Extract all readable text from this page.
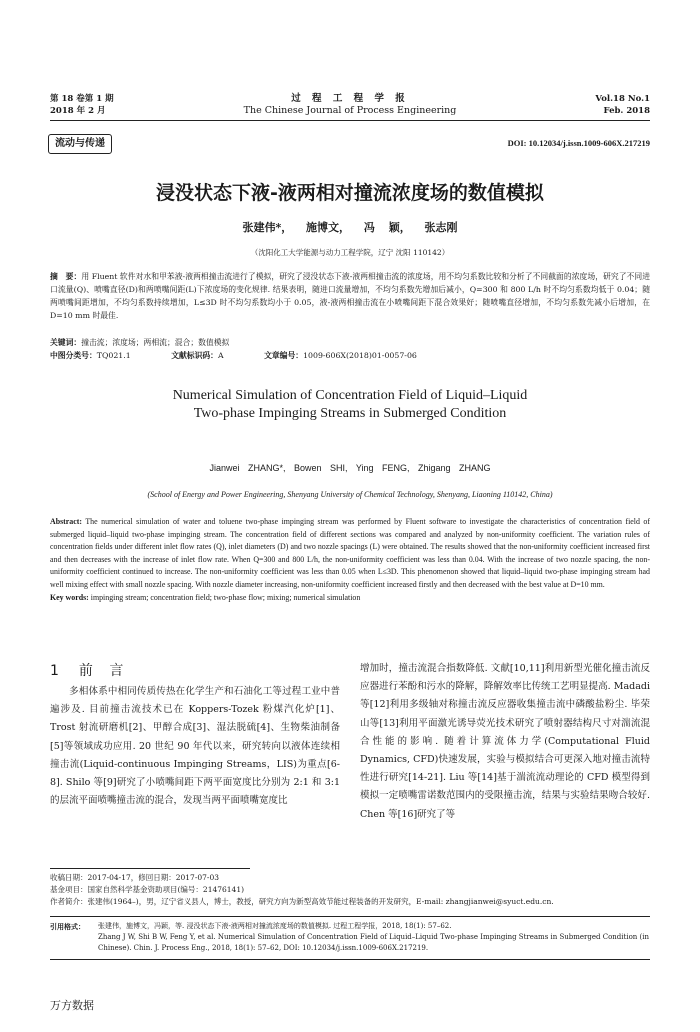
第 18 卷第 1 期
2018 年 2 月
过 程 工 程 学 报
The Chinese Journal of Process Engineering
Vol.18 No.1
Feb. 2018
流动与传递	DOI: 10.12034/j.issn.1009-606X.217219
浸没状态下液-液两相对撞流浓度场的数值模拟
张建伟*， 施博文， 冯 颖， 张志刚
（沈阳化工大学能源与动力工程学院，辽宁 沈阳 110142）
摘　要：用 Fluent 软件对水和甲苯液-液两相撞击流进行了模拟，研究了浸没状态下液-液两相撞击流的浓度场，用不均匀系数比较和分析了不同截面的浓度场，研究了不同进口流量(Q)、喷嘴直径(D)和两喷嘴间距(L)下浓度场的变化规律. 结果表明，随进口流量增加，不均匀系数先增加后减小，Q=300 和 800 L/h 时不均匀系数均低于 0.04；随两喷嘴间距增加，不均匀系数持续增加，L≤3D 时不均匀系数均小于 0.05，液-液两相撞击流在小喷嘴间距下混合效果好；随喷嘴直径增加，不均匀系数先减小后增加，在 D=10 mm 时最佳.
关键词：撞击流；浓度场；两相流；混合；数值模拟
中图分类号：TQ021.1	文献标识码：A	文章编号：1009-606X(2018)01-0057-06
Numerical Simulation of Concentration Field of Liquid–Liquid
Two-phase Impinging Streams in Submerged Condition
Jianwei ZHANG*, Bowen SHI, Ying FENG, Zhigang ZHANG
(School of Energy and Power Engineering, Shenyang University of Chemical Technology, Shenyang, Liaoning 110142, China)
Abstract: The numerical simulation of water and toluene two-phase impinging stream was performed by Fluent software to investigate the characteristics of concentration field of submerged liquid–liquid two-phase impinging stream. The concentration field of different sections was compared and analyzed by non-uniformity coefficient. The variation rules of concentration fields under different inlet flow rates (Q), inlet diameters (D) and two nozzle spacings (L) were obtained. The results showed that the non-uniformity coefficient increased first and then decreases with the increase of inlet flow rate. When Q=300 and 800 L/h, the non-uniformity coefficient was less than 0.04. With the increase of two nozzle spacing, the non-uniformity coefficient continued to increase. The non-uniformity coefficient was less than 0.05 when L≤3D. This phenomenon showed that liquid–liquid two-phase impinging stream had well mixing effect with small nozzle spacing. With nozzle diameter increasing, non-uniformity coefficient increased firstly and then decreased with the best value at D=10 mm.
Key words: impinging stream; concentration field; two-phase flow; mixing; numerical simulation
1 前 言
多相体系中相同传质传热在化学生产和石油化工等过程工业中普遍涉及. 目前撞击流技术已在 Koppers-Tozek 粉煤汽化炉[1]、Trost 射流研磨机[2]、甲醇合成[3]、湿法脱硫[4]、生物柴油制备[5]等领域成功应用. 20 世纪 90 年代以来，研究转向以液体连续相撞击流(Liquid-continuous Impinging Streams，LIS)为重点[6-8]. Shilo 等[9]研究了小喷嘴间距下两平面宽度比分别为 2:1 和 3:1 的层流平面喷嘴撞击流的混合，发现当两平面喷嘴宽度比
增加时，撞击流混合指数降低. 文献[10,11]利用新型光催化撞击流反应器进行苯酚和污水的降解，降解效率比传统工艺明显提高. Madadi 等[12]利用多级轴对称撞击流反应器收集撞击流中磷酸盐粉尘. 毕荣山等[13]利用平面激光诱导荧光技术研究了喷射器结构尺寸对湍流混合性能的影响. 随着计算流体力学(Computational Fluid Dynamics, CFD)快速发展，实验与模拟结合可更深入地对撞击流特性进行研究[14-21]. Liu 等[14]基于湍流流动理论的 CFD 模型得到模拟一定喷嘴雷诺数范围内的受限撞击流，结果与实验结果吻合较好. Chen 等[16]研究了等
收稿日期：2017-04-17，修回日期：2017-07-03
基金项目：国家自然科学基金资助项目(编号：21476141)
作者简介：张建伟(1964–)，男，辽宁省义县人，博士，教授，研究方向为新型高效节能过程装备的开发研究，E-mail: zhangjianwei@syuct.edu.cn.
引用格式： 张建伟，施博文，冯颖，等. 浸没状态下液-液两相对撞流浓度场的数值模拟. 过程工程学报，2018, 18(1): 57–62.
Zhang J W, Shi B W, Feng Y, et al. Numerical Simulation of Concentration Field of Liquid–Liquid Two-phase Impinging Streams in Submerged Condition (in Chinese). Chin. J. Process Eng., 2018, 18(1): 57–62, DOI: 10.12034/j.issn.1009-606X.217219.
万方数据
